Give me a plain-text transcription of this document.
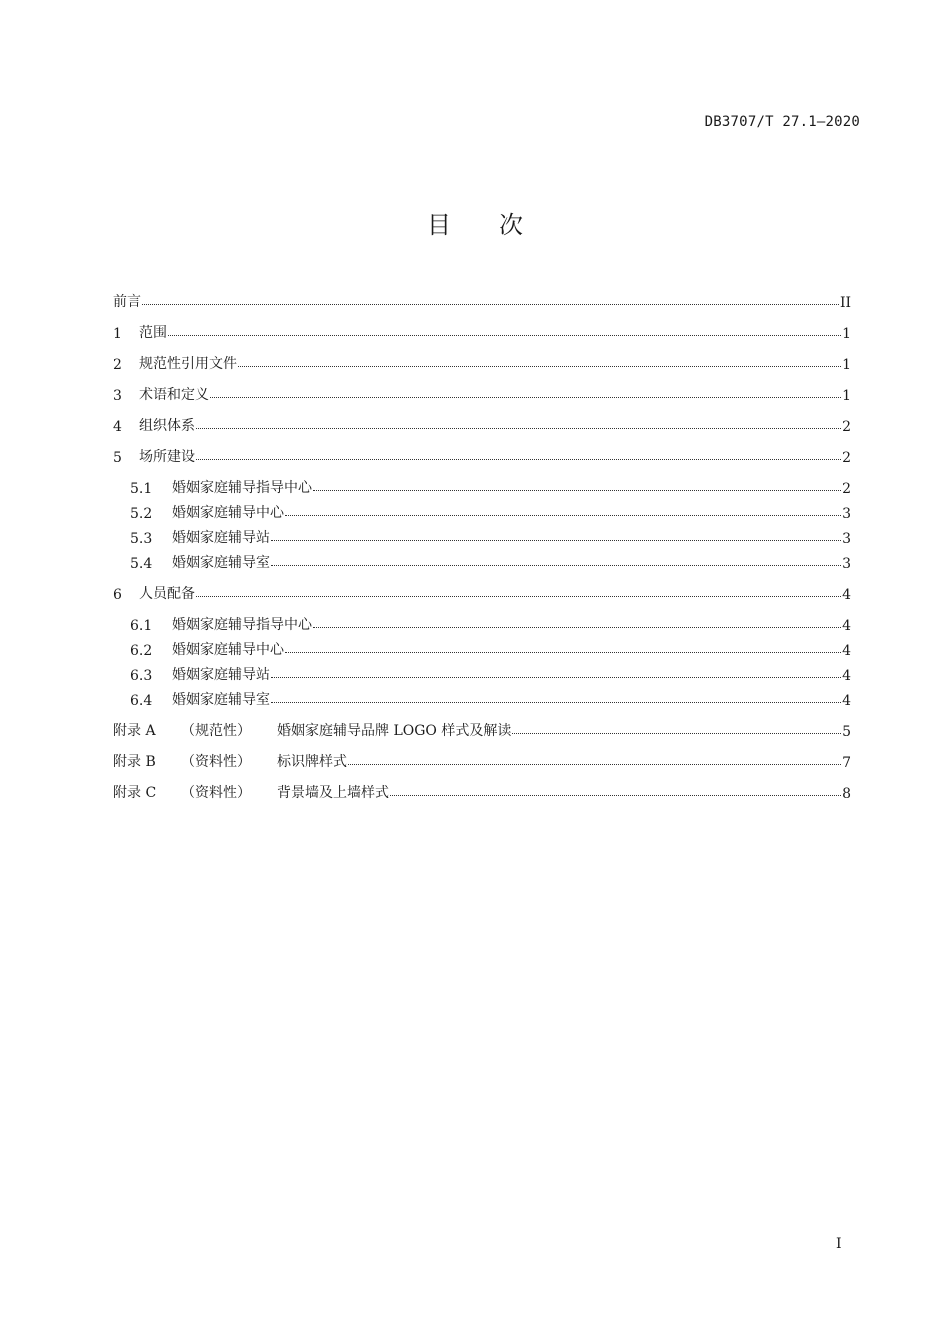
DB3707/T 27.1—2020
目 次
前言	II
1	范围	1
2	规范性引用文件	1
3	术语和定义	1
4	组织体系	2
5	场所建设	2
5.1	婚姻家庭辅导指导中心	2
5.2	婚姻家庭辅导中心	3
5.3	婚姻家庭辅导站	3
5.4	婚姻家庭辅导室	3
6	人员配备	4
6.1	婚姻家庭辅导指导中心	4
6.2	婚姻家庭辅导中心	4
6.3	婚姻家庭辅导站	4
6.4	婚姻家庭辅导室	4
附录 A	（规范性）	婚姻家庭辅导品牌 LOGO 样式及解读	5
附录 B	（资料性）	标识牌样式	7
附录 C	（资料性）	背景墙及上墙样式	8
I
